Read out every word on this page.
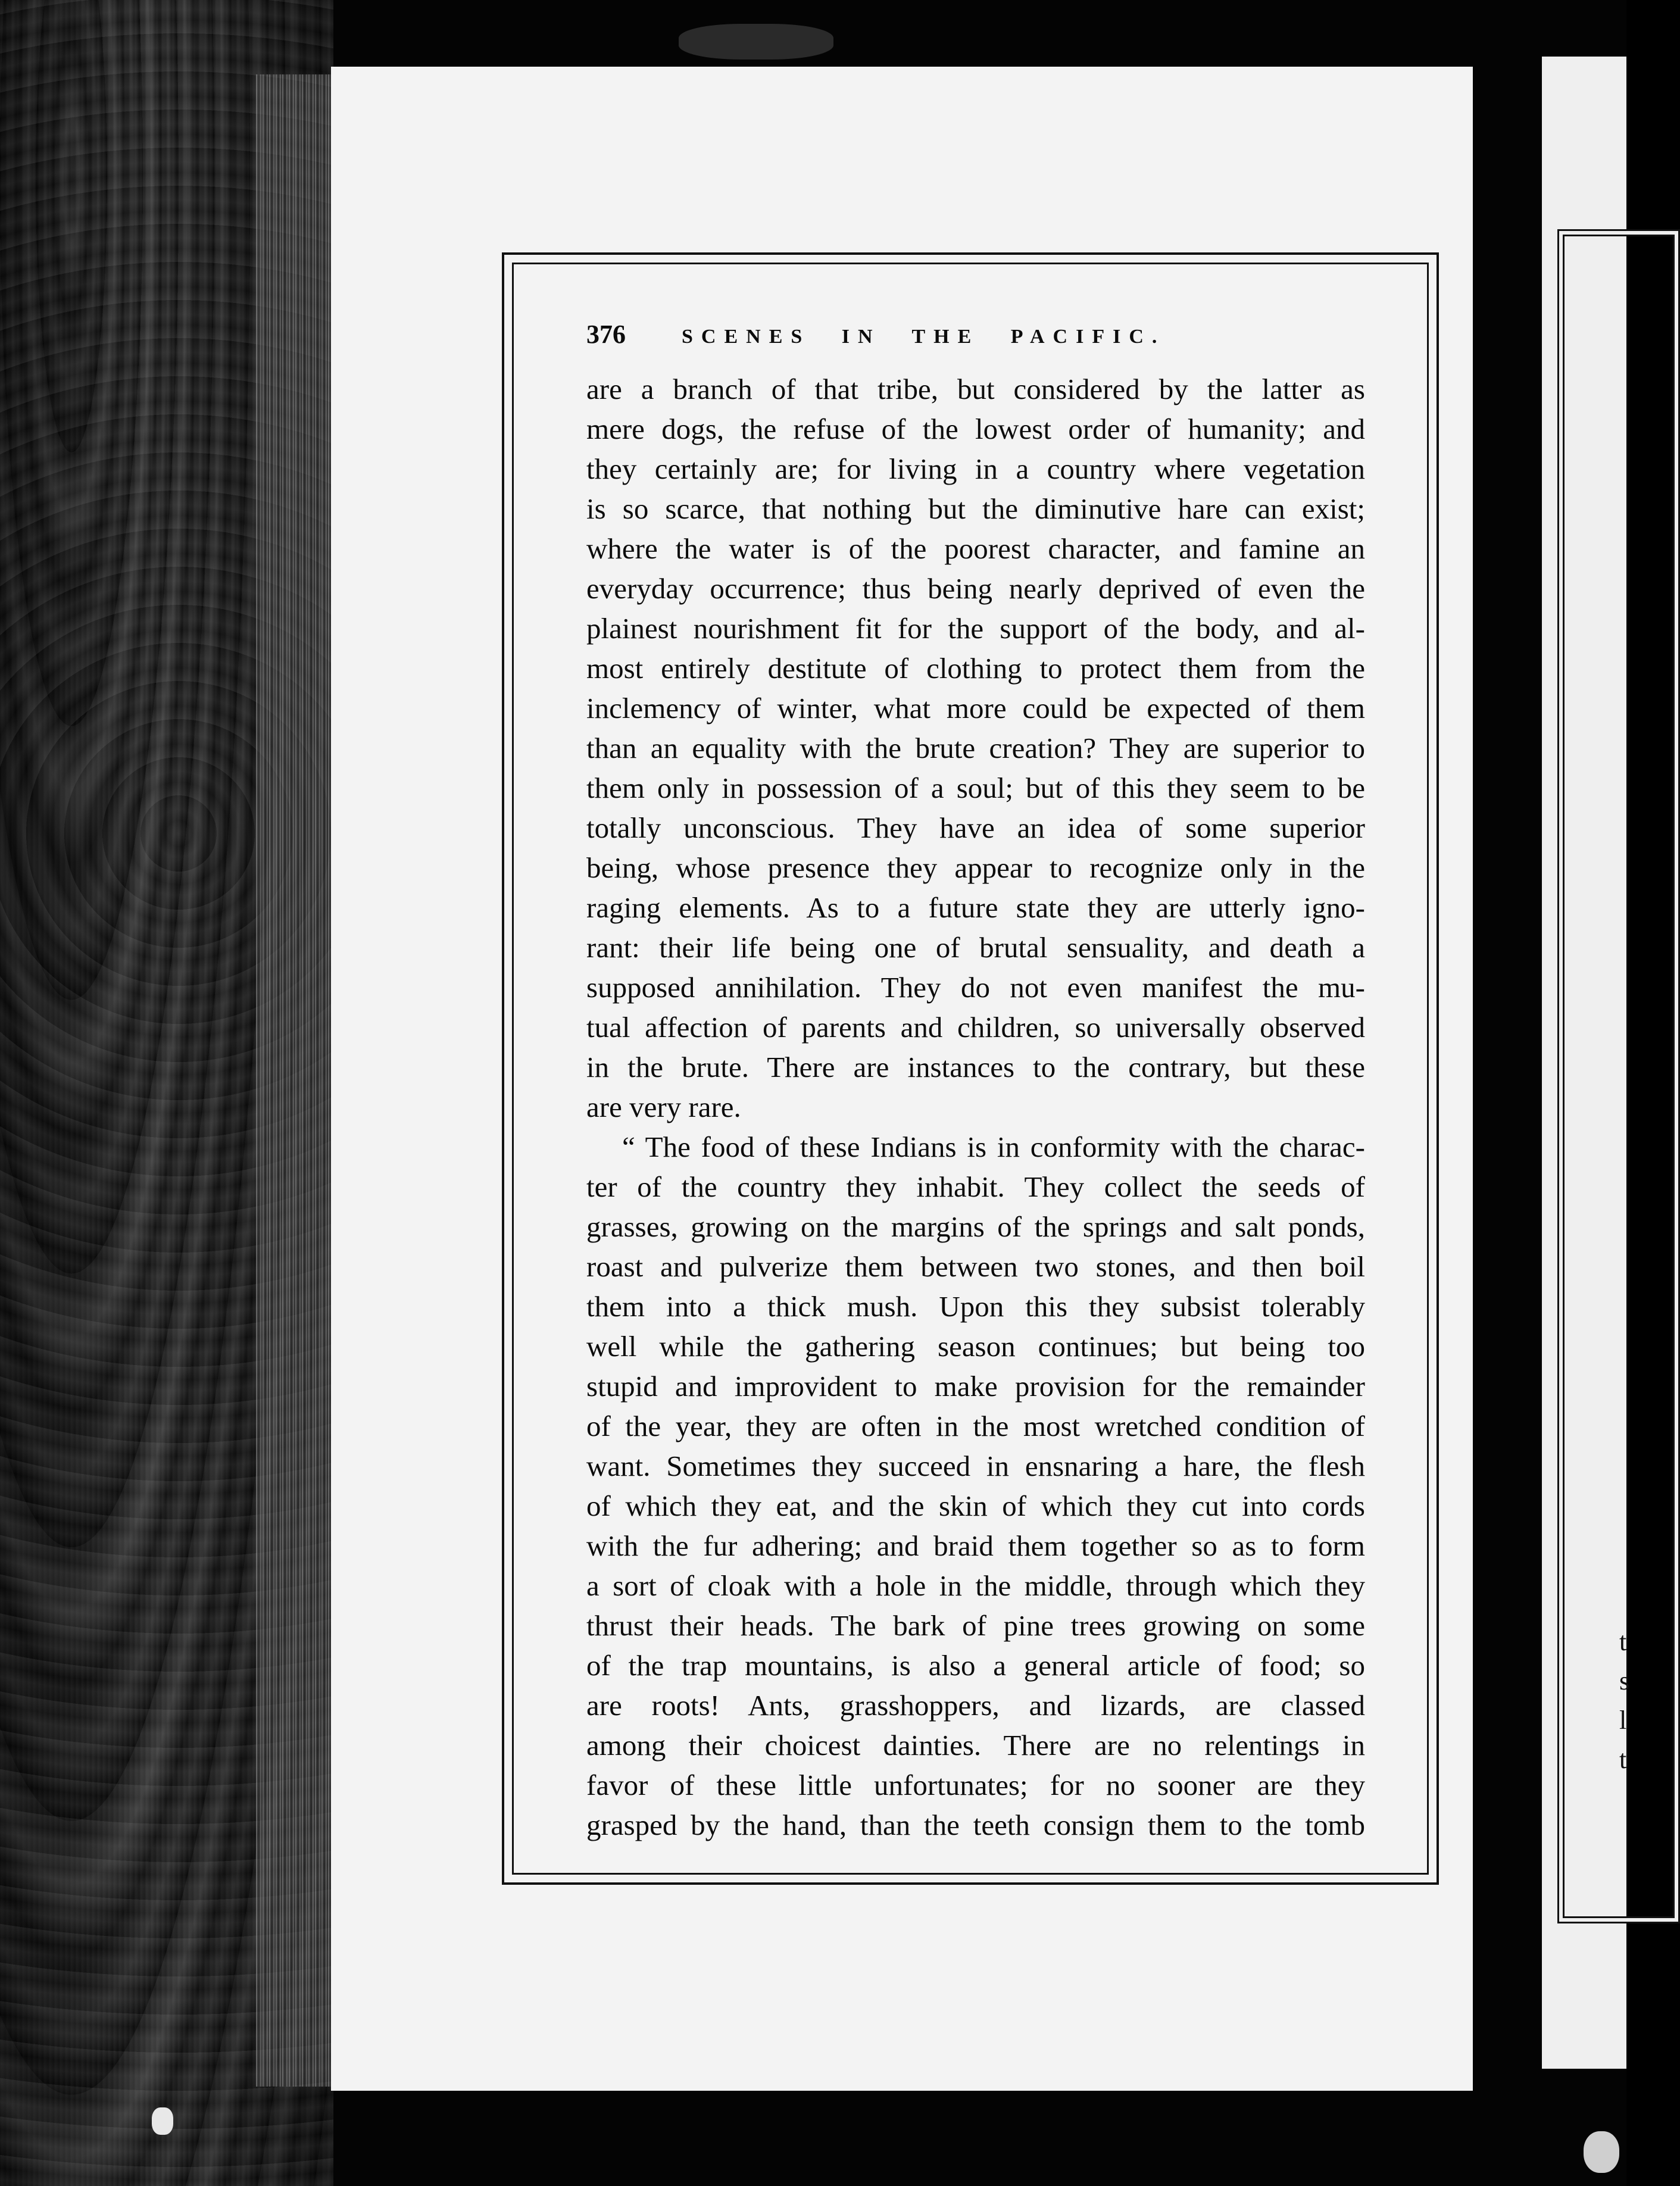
t
s
l
t
376	SCENES IN THE PACIFIC.
are a branch of that tribe, but considered by the latter as
mere dogs, the refuse of the lowest order of humanity; and
they certainly are; for living in a country where vegetation
is so scarce, that nothing but the diminutive hare can exist;
where the water is of the poorest character, and famine an
everyday occurrence; thus being nearly deprived of even the
plainest nourishment fit for the support of the body, and al-
most entirely destitute of clothing to protect them from the
inclemency of winter, what more could be expected of them
than an equality with the brute creation? They are superior to
them only in possession of a soul; but of this they seem to be
totally unconscious. They have an idea of some superior
being, whose presence they appear to recognize only in the
raging elements. As to a future state they are utterly igno-
rant: their life being one of brutal sensuality, and death a
supposed annihilation. They do not even manifest the mu-
tual affection of parents and children, so universally observed
in the brute. There are instances to the contrary, but these
are very rare.
“ The food of these Indians is in conformity with the charac-
ter of the country they inhabit. They collect the seeds of
grasses, growing on the margins of the springs and salt ponds,
roast and pulverize them between two stones, and then boil
them into a thick mush. Upon this they subsist tolerably
well while the gathering season continues; but being too
stupid and improvident to make provision for the remainder
of the year, they are often in the most wretched condition of
want. Sometimes they succeed in ensnaring a hare, the flesh
of which they eat, and the skin of which they cut into cords
with the fur adhering; and braid them together so as to form
a sort of cloak with a hole in the middle, through which they
thrust their heads. The bark of pine trees growing on some
of the trap mountains, is also a general article of food; so
are roots! Ants, grasshoppers, and lizards, are classed
among their choicest dainties. There are no relentings in
favor of these little unfortunates; for no sooner are they
grasped by the hand, than the teeth consign them to the tomb
